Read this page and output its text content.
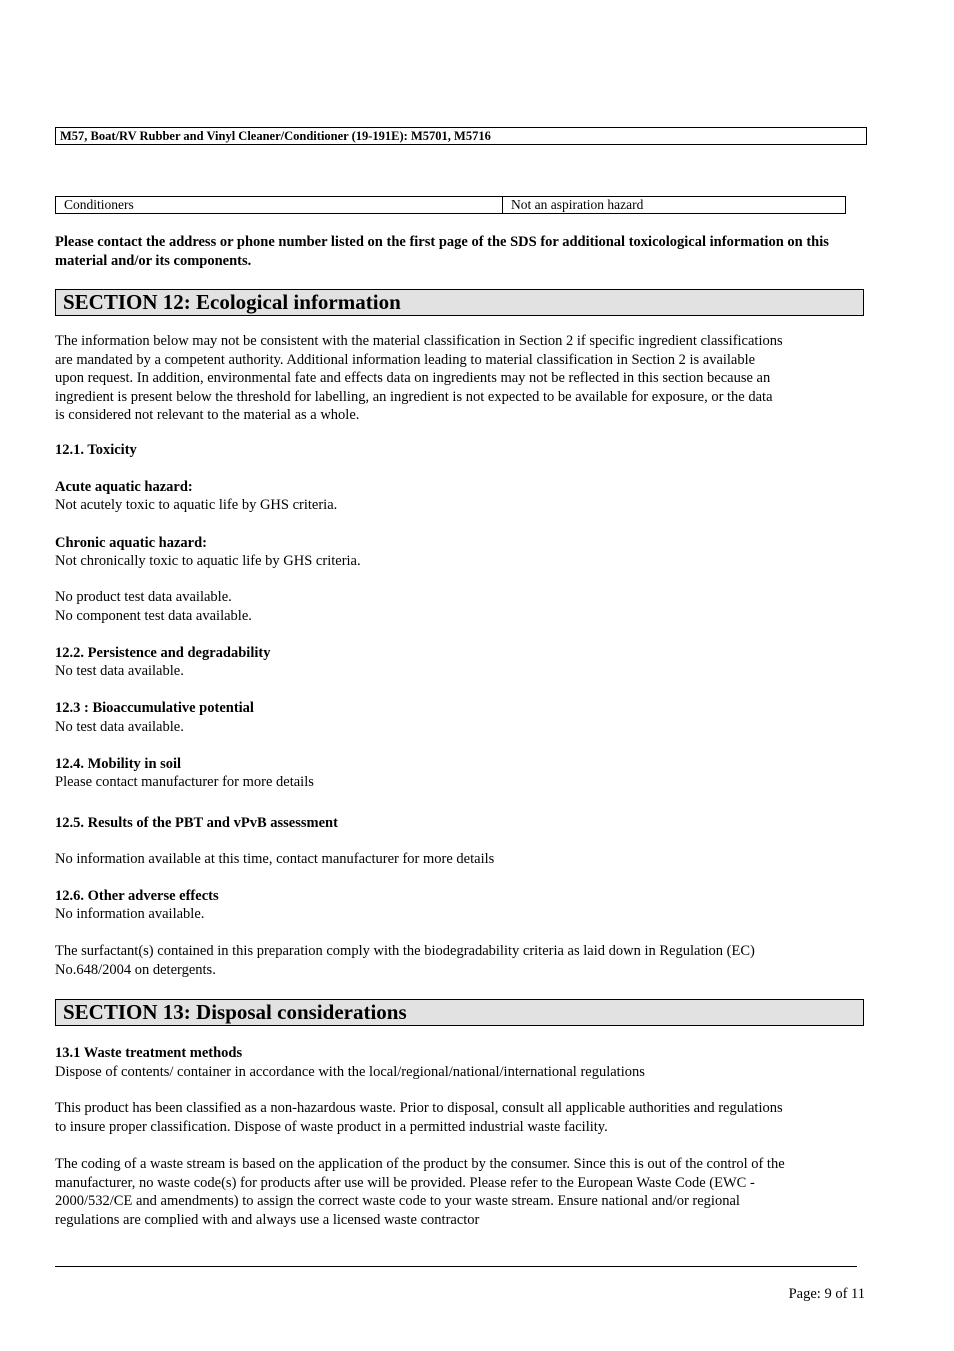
M57, Boat/RV Rubber and Vinyl Cleaner/Conditioner (19-191E): M5701, M5716
Conditioners	Not an aspiration hazard
Please contact the address or phone number listed on the first page of the SDS for additional toxicological information on this material and/or its components.
SECTION 12: Ecological information
The information below may not be consistent with the material classification in Section 2 if specific ingredient classifications
are mandated by a competent authority. Additional information leading to material classification in Section 2 is available
upon request. In addition, environmental fate and effects data on ingredients may not be reflected in this section because an
ingredient is present below the threshold for labelling, an ingredient is not expected to be available for exposure, or the data
is considered not relevant to the material as a whole.
12.1. Toxicity
Acute aquatic hazard:
Not acutely toxic to aquatic life by GHS criteria.
Chronic aquatic hazard:
Not chronically toxic to aquatic life by GHS criteria.
No product test data available.
No component test data available.
12.2. Persistence and degradability
No test data available.
12.3 : Bioaccumulative potential
No test data available.
12.4. Mobility in soil
Please contact manufacturer for more details
12.5. Results of the PBT and vPvB assessment
No information available at this time, contact manufacturer for more details
12.6. Other adverse effects
No information available.
The surfactant(s) contained in this preparation comply with the biodegradability criteria as laid down in Regulation (EC)
No.648/2004 on detergents.
SECTION 13: Disposal considerations
13.1 Waste treatment methods
Dispose of contents/ container in accordance with the local/regional/national/international regulations
This product has been classified as a non-hazardous waste. Prior to disposal, consult all applicable authorities and regulations
to insure proper classification. Dispose of waste product in a permitted industrial waste facility.
The coding of a waste stream is based on the application of the product by the consumer. Since this is out of the control of the
manufacturer, no waste code(s) for products after use will be provided. Please refer to the European Waste Code (EWC -
2000/532/CE and amendments) to assign the correct waste code to your waste stream. Ensure national and/or regional
regulations are complied with and always use a licensed waste contractor
Page: 9 of 11
